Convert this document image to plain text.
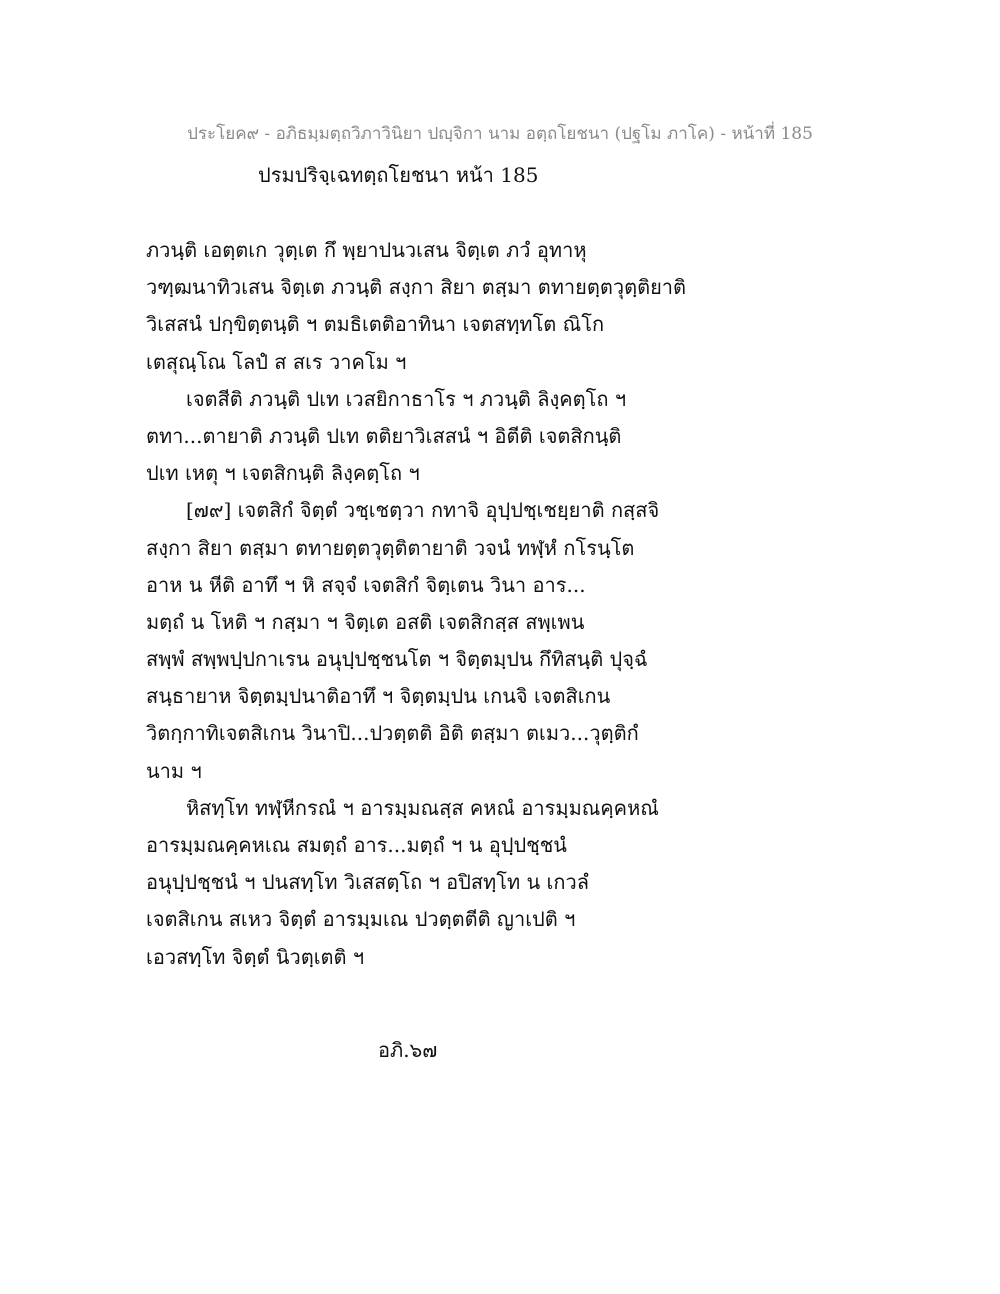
ประโยค๙ - อภิธมฺมตฺถวิภาวินิยา ปญฺจิกา นาม อตฺถโยชนา (ปฐโม ภาโค) - หน้าที่ 185
ปรมปริจฺเฉทตฺถโยชนา หน้า 185
ภวนฺติ เอตฺตเก วุตฺเต กึ พฺยาปนวเสน จิตฺเต ภวํ อุทาหุ
วฑฺฒนาทิวเสน จิตฺเต ภวนฺติ สงฺกา สิยา ตสฺมา ตทายตฺตวุตฺติยาติ
วิเสสนํ ปกฺขิตฺตนฺติ ฯ ตมธิเตติอาทินา เจตสทฺทโต ณิโก
เตสุณฺโณ โลปํ ส สเร วาคโม ฯ
เจตสีติ ภวนฺติ ปเท เวสยิกาธาโร ฯ ภวนฺติ ลิงฺคตฺโถ ฯ
ตทา...ตายาติ ภวนฺติ ปเท ตติยาวิเสสนํ ฯ อิตีติ เจตสิกนฺติ
ปเท เหตุ ฯ เจตสิกนฺติ ลิงฺคตฺโถ ฯ
[๗๙] เจตสิกํ จิตฺตํ วชฺเชตฺวา กทาจิ อุปฺปชฺเชยฺยาติ กสฺสจิ
สงฺกา สิยา ตสฺมา ตทายตฺตวุตฺติตายาติ วจนํ ทฬฺหํ กโรนฺโต
อาห น หีติ อาทึ ฯ หิ สจฺจํ เจตสิกํ จิตฺเตน วินา อาร...
มตฺถํ น โหติ ฯ กสฺมา ฯ จิตฺเต อสติ เจตสิกสฺส สพฺเพน
สพฺพํ สพฺพปฺปกาเรน อนุปฺปชฺชนโต ฯ จิตฺตมฺปน กึทิสนฺติ ปุจฺฉํ
สนฺธายาห จิตฺตมฺปนาติอาทึ ฯ จิตฺตมฺปน เกนจิ เจตสิเกน
วิตกฺกาทิเจตสิเกน วินาปิ...ปวตฺตติ อิติ ตสฺมา ตเมว...วุตฺติกํ
นาม ฯ
หิสทฺโท ทฬฺหีกรณํ ฯ อารมฺมณสฺส คหณํ อารมฺมณคฺคหณํ
อารมฺมณคฺคหเณ สมตฺถํ อาร...มตฺถํ ฯ น อุปฺปชฺชนํ
อนุปฺปชฺชนํ ฯ ปนสทฺโท วิเสสตฺโถ ฯ อปิสทฺโท น เกวลํ
เจตสิเกน สเหว จิตฺตํ อารมฺมเณ ปวตฺตตีติ ญาเปติ ฯ
เอวสทฺโท จิตฺตํ นิวตฺเตติ ฯ
อภิ.๖๗
